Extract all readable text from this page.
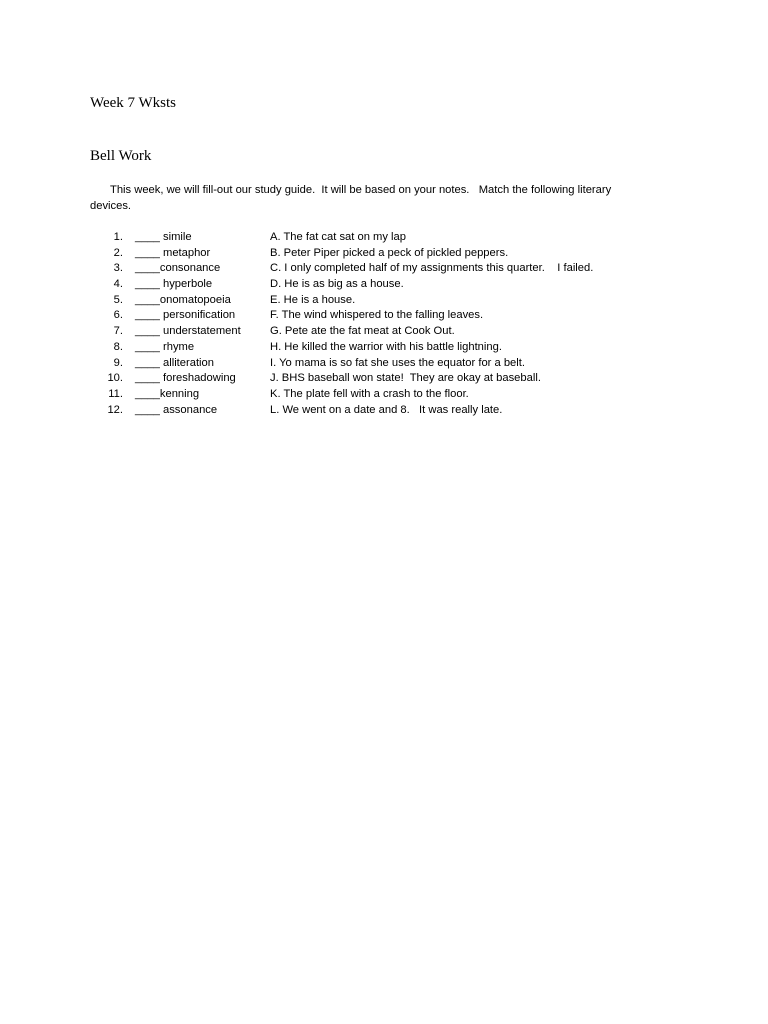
Week 7 Wksts
Bell Work
This week, we will fill-out our study guide.  It will be based on your notes.   Match the following literary devices.
1. ____ simile	A. The fat cat sat on my lap
2. ____ metaphor	B. Peter Piper picked a peck of pickled peppers.
3. ____consonance	C. I only completed half of my assignments this quarter.    I failed.
4. ____ hyperbole	D. He is as big as a house.
5. ____onomatopoeia	E. He is a house.
6. ____ personification	F. The wind whispered to the falling leaves.
7. ____ understatement	G. Pete ate the fat meat at Cook Out.
8. ____ rhyme	H. He killed the warrior with his battle lightning.
9. ____ alliteration	I. Yo mama is so fat she uses the equator for a belt.
10. ____ foreshadowing	J. BHS baseball won state!  They are okay at baseball.
11. ____kenning	K. The plate fell with a crash to the floor.
12. ____ assonance	L. We went on a date and 8.   It was really late.
